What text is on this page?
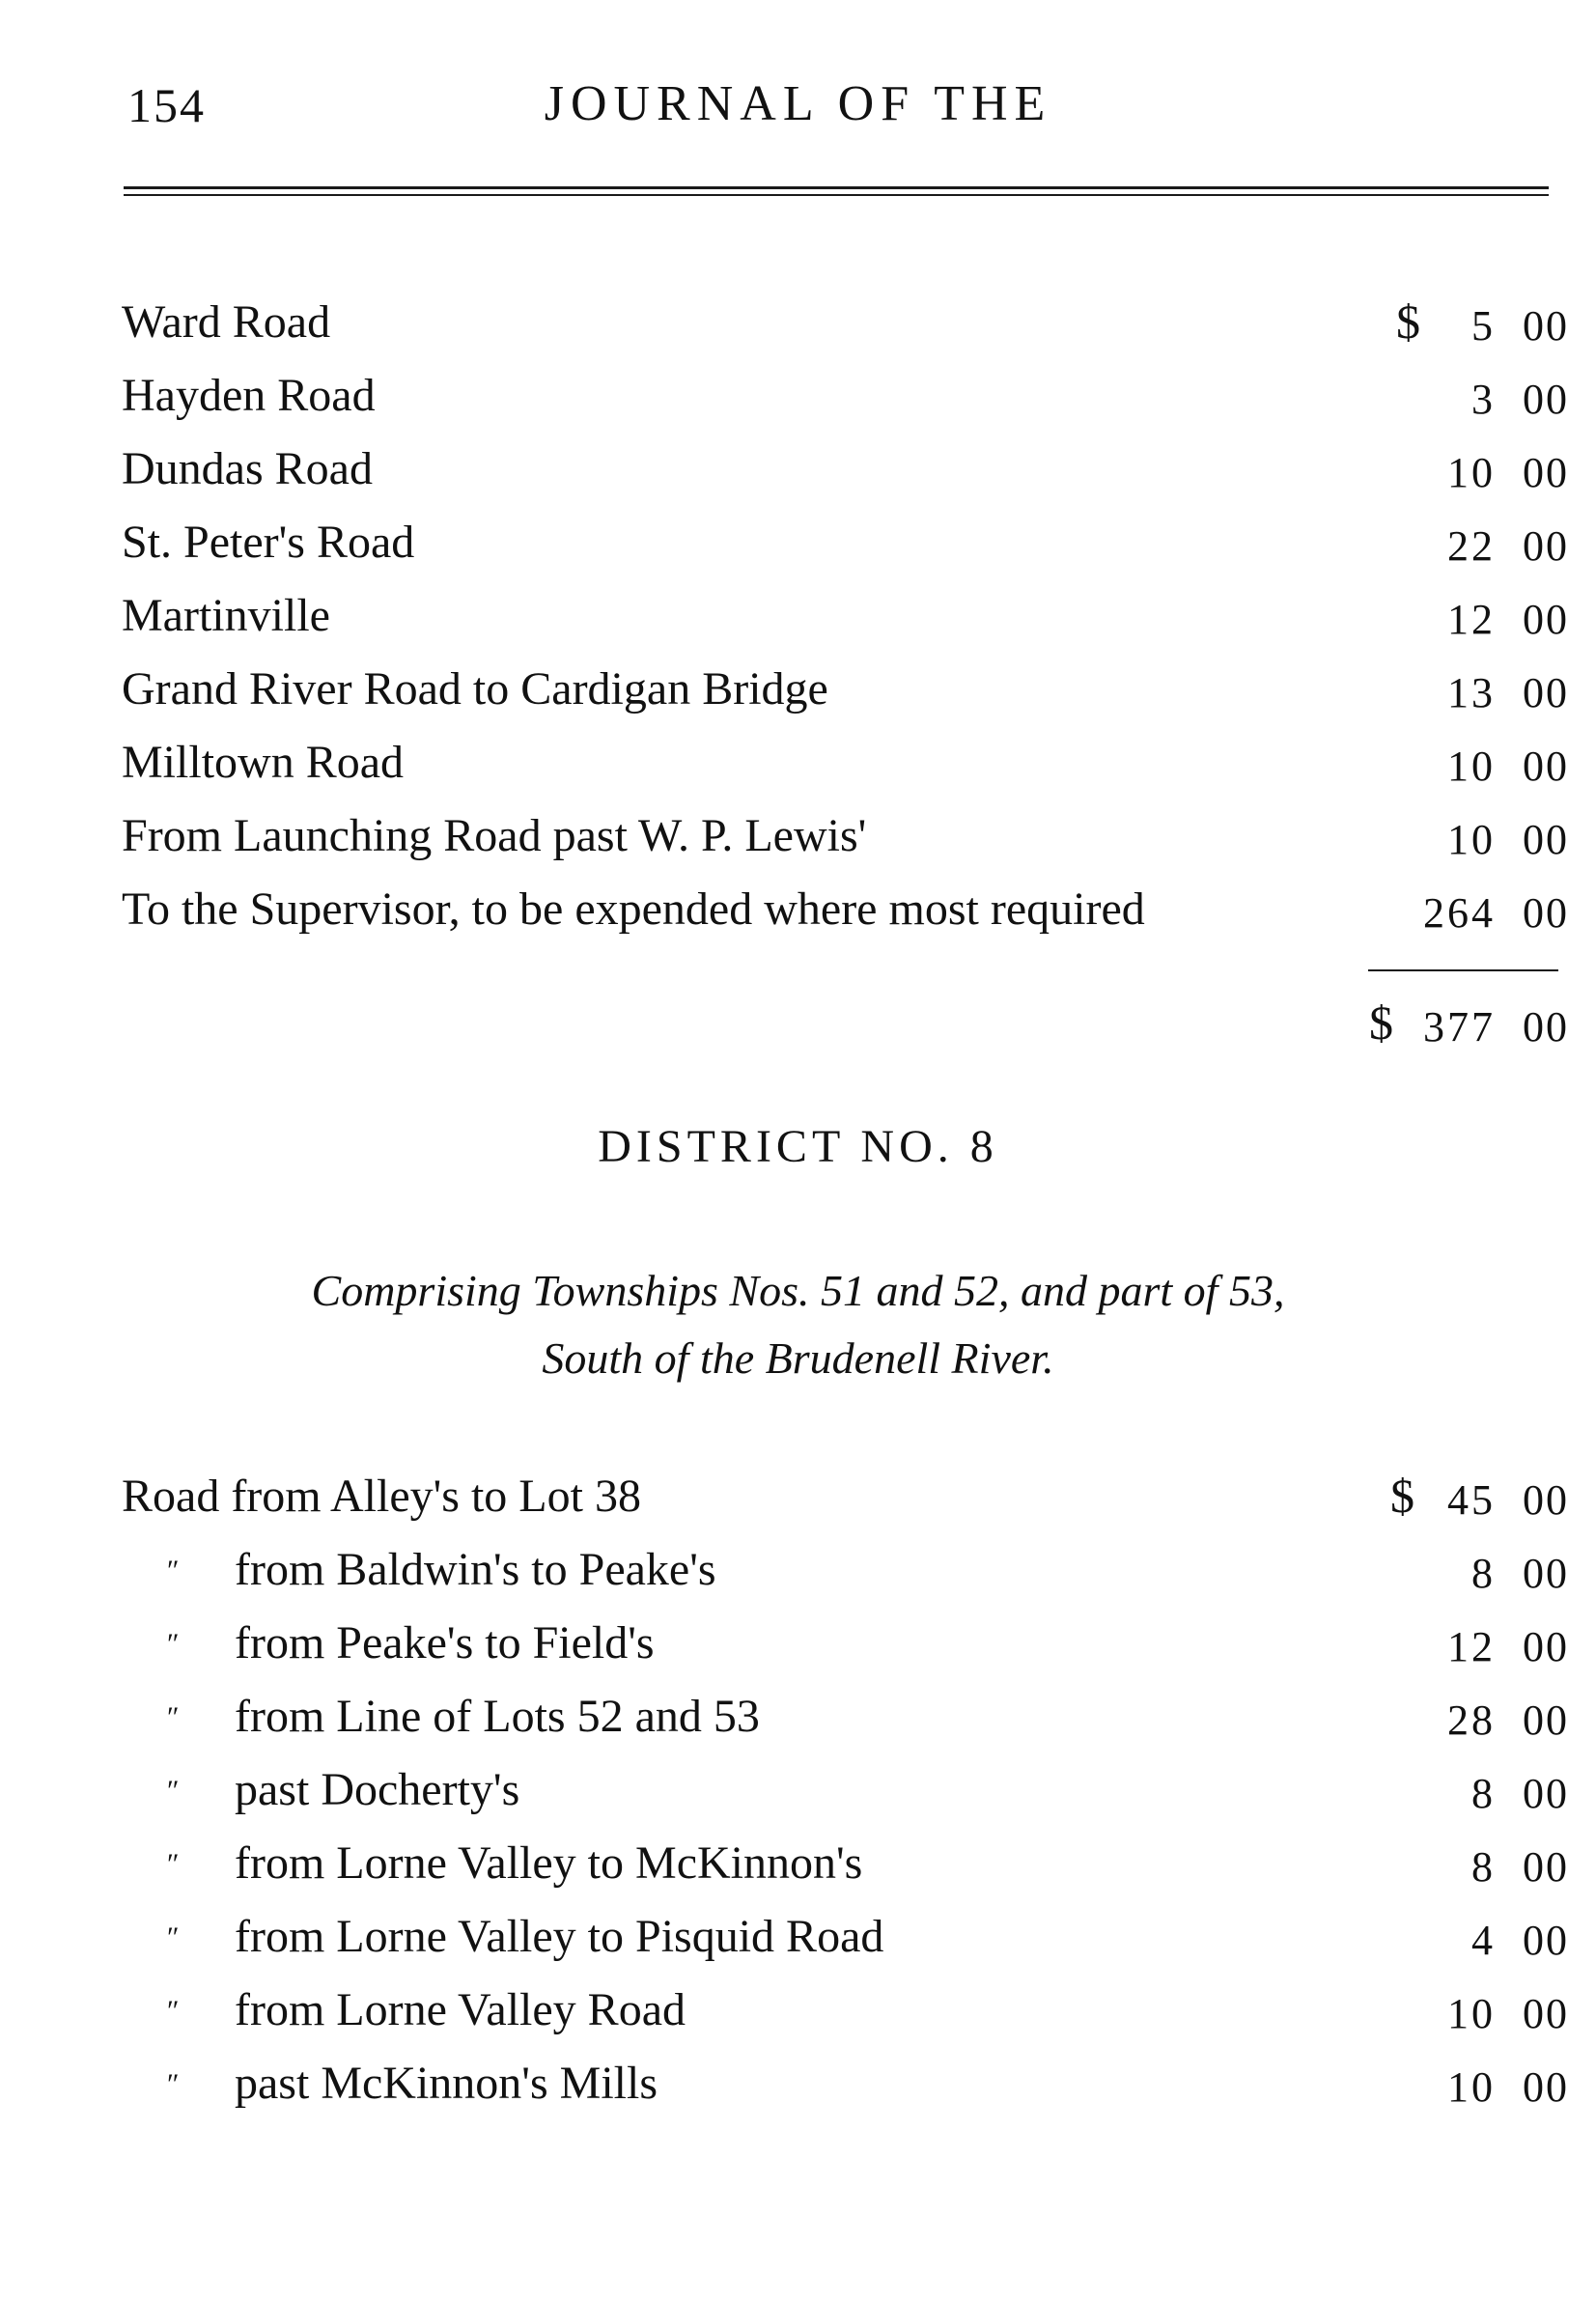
154	JOURNAL OF THE
Ward Road	$ 5 00
Hayden Road	3 00
Dundas Road	10 00
St. Peter's Road	22 00
Martinville	12 00
Grand River Road to Cardigan Bridge	13 00
Milltown Road	10 00
From Launching Road past W. P. Lewis'	10 00
To the Supervisor, to be expended where most required	264 00
$ 377 00
DISTRICT NO. 8
Comprising Townships Nos. 51 and 52, and part of 53,
South of the Brudenell River.
Road from Alley's to Lot 38	$ 45 00
″ from Baldwin's to Peake's	8 00
″ from Peake's to Field's	12 00
″ from Line of Lots 52 and 53	28 00
″ past Docherty's	8 00
″ from Lorne Valley to McKinnon's	8 00
″ from Lorne Valley to Pisquid Road	4 00
″ from Lorne Valley Road	10 00
″ past McKinnon's Mills	10 00
